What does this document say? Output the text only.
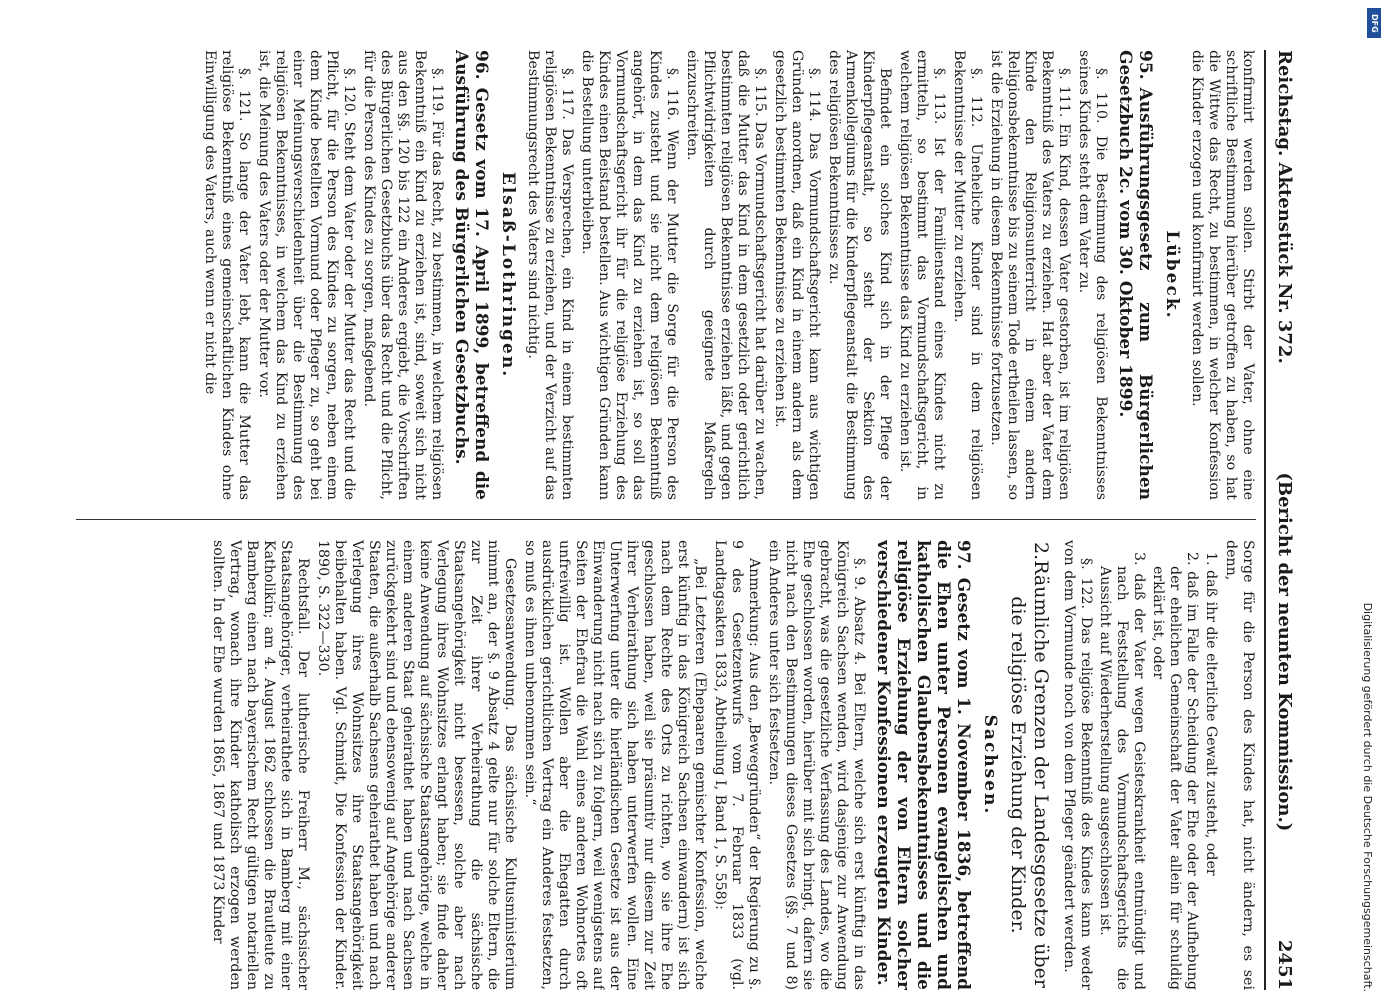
Reichstag. Aktenstück Nr. 372.
(Bericht der neunten Kommission.)
2451

konfirmirt werden sollen. Stirbt der Vater, ohne eine schriftliche Bestimmung hierüber getroffen zu haben, so hat die Wittwe das Recht, zu bestimmen, in welcher Konfession die Kinder erzogen und konfirmirt werden sollen.

Lübeck.
95.Ausführungsgesetz zum Bürgerlichen Gesetzbuch 2c. vom 30. Oktober 1899.

§. 110. Die Bestimmung des religiösen Bekenntnisses seines Kindes steht dem Vater zu.

§. 111. Ein Kind, dessen Vater gestorben, ist im religiösen Bekenntniß des Vaters zu erziehen. Hat aber der Vater dem Kinde den Religionsunterricht in einem andern Religionsbekenntnisse bis zu seinem Tode ertheilen lassen, so ist die Erziehung in diesem Bekenntnisse fortzusetzen.

§. 112. Uneheliche Kinder sind in dem religiösen Bekenntnisse der Mutter zu erziehen.

§. 113. Ist der Familienstand eines Kindes nicht zu ermitteln, so bestimmt das Vormundschaftsgericht, in welchem religiösen Bekenntnisse das Kind zu erziehen ist.

Befindet ein solches Kind sich in der Pflege der Kinderpflegeanstalt, so steht der Sektion des Armenkollegiums für die Kinderpflegeanstalt die Bestimmung des religiösen Bekenntnisses zu.

§. 114. Das Vormundschaftsgericht kann aus wichtigen Gründen anordnen, daß ein Kind in einem andern als dem gesetzlich bestimmten Bekenntnisse zu erziehen ist.

§. 115. Das Vormundschaftsgericht hat darüber zu wachen, daß die Mutter das Kind in dem gesetzlich oder gerichtlich bestimmten religiösen Bekenntnisse erziehen läßt, und gegen Pflichtwidrigkeiten durch geeignete Maßregeln einzuschreiten.

§. 116. Wenn der Mutter die Sorge für die Person des Kindes zusteht und sie nicht dem religiösen Bekenntniß angehört, in dem das Kind zu erziehen ist, so soll das Vormundschaftsgericht ihr für die religiöse Erziehung des Kindes einen Beistand bestellen. Aus wichtigen Gründen kann die Bestellung unterbleiben.

§. 117. Das Versprechen, ein Kind in einem bestimmten religiösen Bekenntnisse zu erziehen, und der Verzicht auf das Bestimmungsrecht des Vaters sind nichtig.

Elsaß-Lothringen.
96.Gesetz vom 17. April 1899, betreffend die Ausführung des Bürgerlichen Gesetzbuchs.

§. 119. Für das Recht, zu bestimmen, in welchem religiösen Bekenntniß ein Kind zu erziehen ist, sind, soweit sich nicht aus den §§. 120 bis 122 ein Anderes ergiebt, die Vorschriften des Bürgerlichen Gesetzbuchs über das Recht und die Pflicht, für die Person des Kindes zu sorgen, maßgebend.

§. 120. Steht dem Vater oder der Mutter das Recht und die Pflicht, für die Person des Kindes zu sorgen, neben einem dem Kinde bestellten Vormund oder Pfleger zu, so geht bei einer Meinungsverschiedenheit über die Bestimmung des religiösen Bekenntnisses, in welchem das Kind zu erziehen ist, die Meinung des Vaters oder der Mutter vor.

§. 121. So lange der Vater lebt, kann die Mutter das religiöse Bekenntniß eines gemeinschaftlichen Kindes ohne Einwilligung des Vaters, auch wenn er nicht die

Sorge für die Person des Kindes hat, nicht ändern, es sei denn,

1. daß ihr die elterliche Gewalt zusteht, oder

2. daß im Falle der Scheidung der Ehe oder der Aufhebung der ehelichen Gemeinschaft der Vater allein für schuldig erklärt ist, oder

3. daß der Vater wegen Geisteskrankheit entmündigt und nach Feststellung des Vormundschaftsgerichts die Aussicht auf Wiederherstellung ausgeschlossen ist.

§. 122. Das religiöse Bekenntniß des Kindes kann weder von dem Vormunde noch von dem Pfleger geändert werden.

2.Räumliche Grenzen der Landesgesetze über die religiöse Erziehung der Kinder.
Sachsen.
97.Gesetz vom 1. November 1836, betreffend die Ehen unter Personen evangelischen und katholischen Glaubensbekenntnisses und die religiöse Erziehung der von Eltern solcher verschiedener Konfessionen erzeugten Kinder.

§. 9. Absatz 4. Bei Eltern, welche sich erst künftig in das Königreich Sachsen wenden, wird dasjenige zur Anwendung gebracht, was die gesetzliche Verfassung des Landes, wo die Ehe geschlossen worden, hierüber mit sich bringt, dafern sie nicht nach den Bestimmungen dieses Gesetzes (§§. 7 und 8) ein Anderes unter sich festsetzen.

Anmerkung: Aus den „Beweggründen“ der Regierung zu §. 9 des Gesetzentwurfs vom 7. Februar 1833 (vgl. Landtagsakten 1833, Abtheilung I, Band 1, S. 558):

„Bei Letzteren (Ehepaaren gemischter Konfession, welche erst künftig in das Königreich Sachsen einwandern) ist sich nach dem Rechte des Orts zu richten, wo sie ihre Ehe geschlossen haben, weil sie präsumtiv nur diesem zur Zeit ihrer Verheirathung sich haben unterwerfen wollen. Eine Unterwerfung unter die hierländischen Gesetze ist aus der Einwanderung nicht nach sich zu folgern, weil wenigstens auf Seiten der Ehefrau die Wahl eines anderen Wohnortes oft unfreiwillig ist. Wollen aber die Ehegatten durch ausdrücklichen gerichtlichen Vertrag ein Anderes festsetzen, so muß es ihnen unbenommen sein.“

Gesetzesanwendung. Das sächsische Kultusministerium nimmt an, der §. 9 Absatz 4 gelte nur für solche Eltern, die zur Zeit ihrer Verheirathung die sächsische Staatsangehörigkeit nicht besessen, solche aber nach Verlegung ihres Wohnsitzes erlangt haben; sie finde daher keine Anwendung auf sächsische Staatsangehörige, welche in einem anderen Staat geheirathet haben und nach Sachsen zurückgekehrt sind und ebensowenig auf Angehörige anderer Staaten, die außerhalb Sachsens geheirathet haben und nach Verlegung ihres Wohnsitzes ihre Staatsangehörigkeit beibehalten haben. Vgl. Schmidt, Die Konfession der Kinder. 1890, S. 322—330.

Rechtsfall. Der lutherische Freiherr M., sächsischer Staatsangehöriger, verheirathete sich in Bamberg mit einer Katholikin; am 4. August 1862 schlossen die Brautleute zu Bamberg einen nach bayerischem Recht gültigen notariellen Vertrag, wonach ihre Kinder katholisch erzogen werden sollten. In der Ehe wurden 1865, 1867 und 1873 Kinder	Digitalisierung gefördert durch die Deutsche Forschungsgemeinschaft.
DFG
